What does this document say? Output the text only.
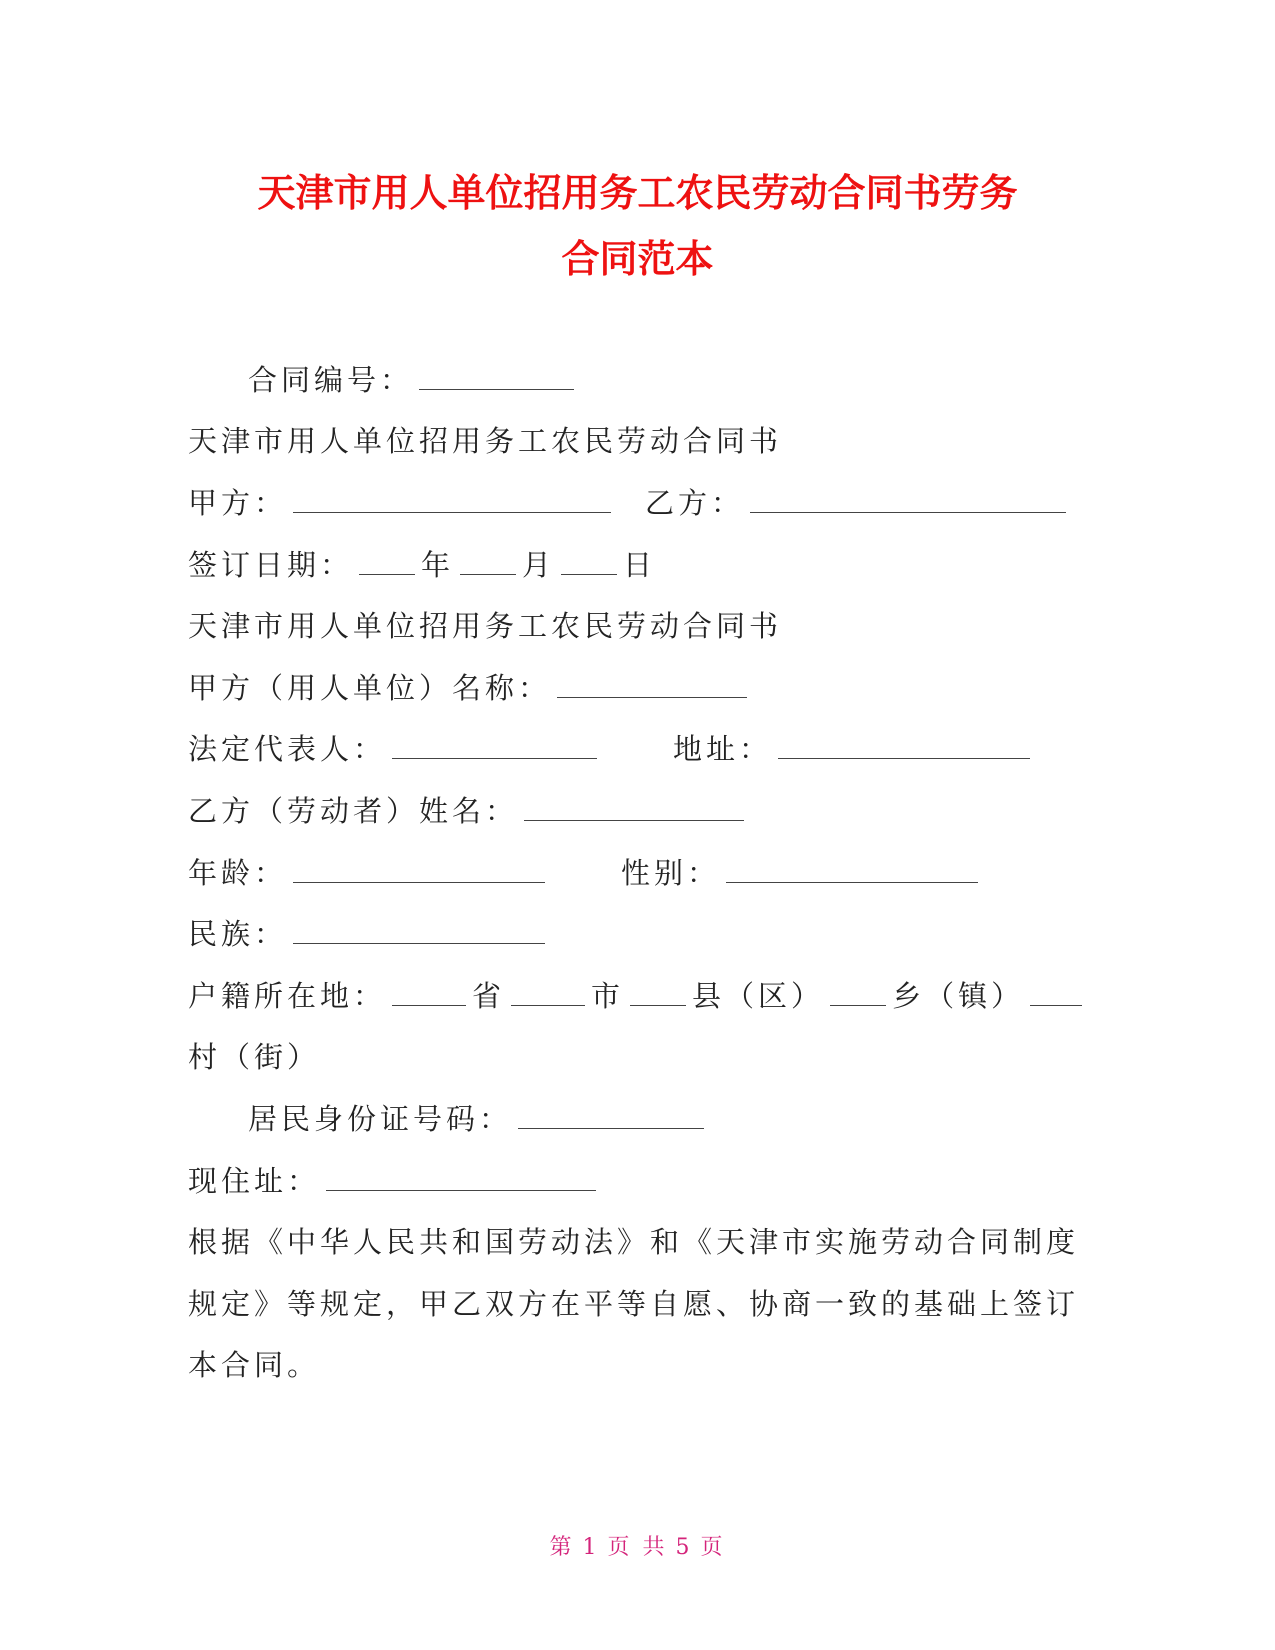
天津市用人单位招用务工农民劳动合同书劳务
合同范本
合同编号：
天津市用人单位招用务工农民劳动合同书
甲方：	乙方：
签订日期： 年 月 日
天津市用人单位招用务工农民劳动合同书
甲方（用人单位）名称：
法定代表人：	地址：
乙方（劳动者）姓名：
年龄：	性别：
民族：
户籍所在地：	省	市 县（区） 乡（镇）
村（街）
居民身份证号码：
现住址：
根据《中华人民共和国劳动法》和《天津市实施劳动合同制度
规定》等规定，甲乙双方在平等自愿、协商一致的基础上签订
本合同。
第 1 页 共 5 页
